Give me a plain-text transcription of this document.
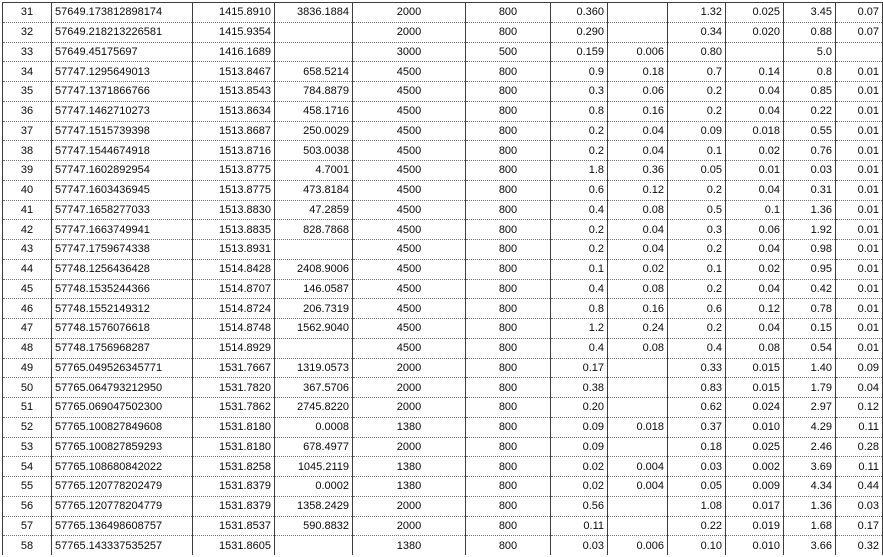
31	57649.173812898174	1415.8910	3836.1884	2000	800	0.360		1.32	0.025	3.45	0.07
32	57649.218213226581	1415.9354		2000	800	0.290		0.34	0.020	0.88	0.07
33	57649.45175697	1416.1689		3000	500	0.159	0.006	0.80		5.0	
34	57747.1295649013	1513.8467	658.5214	4500	800	0.9	0.18	0.7	0.14	0.8	0.01
35	57747.1371866766	1513.8543	784.8879	4500	800	0.3	0.06	0.2	0.04	0.85	0.01
36	57747.1462710273	1513.8634	458.1716	4500	800	0.8	0.16	0.2	0.04	0.22	0.01
37	57747.1515739398	1513.8687	250.0029	4500	800	0.2	0.04	0.09	0.018	0.55	0.01
38	57747.1544674918	1513.8716	503.0038	4500	800	0.2	0.04	0.1	0.02	0.76	0.01
39	57747.1602892954	1513.8775	4.7001	4500	800	1.8	0.36	0.05	0.01	0.03	0.01
40	57747.1603436945	1513.8775	473.8184	4500	800	0.6	0.12	0.2	0.04	0.31	0.01
41	57747.1658277033	1513.8830	47.2859	4500	800	0.4	0.08	0.5	0.1	1.36	0.01
42	57747.1663749941	1513.8835	828.7868	4500	800	0.2	0.04	0.3	0.06	1.92	0.01
43	57747.1759674338	1513.8931		4500	800	0.2	0.04	0.2	0.04	0.98	0.01
44	57748.1256436428	1514.8428	2408.9006	4500	800	0.1	0.02	0.1	0.02	0.95	0.01
45	57748.1535244366	1514.8707	146.0587	4500	800	0.4	0.08	0.2	0.04	0.42	0.01
46	57748.1552149312	1514.8724	206.7319	4500	800	0.8	0.16	0.6	0.12	0.78	0.01
47	57748.1576076618	1514.8748	1562.9040	4500	800	1.2	0.24	0.2	0.04	0.15	0.01
48	57748.1756968287	1514.8929		4500	800	0.4	0.08	0.4	0.08	0.54	0.01
49	57765.049526345771	1531.7667	1319.0573	2000	800	0.17		0.33	0.015	1.40	0.09
50	57765.064793212950	1531.7820	367.5706	2000	800	0.38		0.83	0.015	1.79	0.04
51	57765.069047502300	1531.7862	2745.8220	2000	800	0.20		0.62	0.024	2.97	0.12
52	57765.100827849608	1531.8180	0.0008	1380	800	0.09	0.018	0.37	0.010	4.29	0.11
53	57765.100827859293	1531.8180	678.4977	2000	800	0.09		0.18	0.025	2.46	0.28
54	57765.108680842022	1531.8258	1045.2119	1380	800	0.02	0.004	0.03	0.002	3.69	0.11
55	57765.120778202479	1531.8379	0.0002	1380	800	0.02	0.004	0.05	0.009	4.34	0.44
56	57765.120778204779	1531.8379	1358.2429	2000	800	0.56		1.08	0.017	1.36	0.03
57	57765.136498608757	1531.8537	590.8832	2000	800	0.11		0.22	0.019	1.68	0.17
58	57765.143337535257	1531.8605		1380	800	0.03	0.006	0.10	0.010	3.66	0.32
